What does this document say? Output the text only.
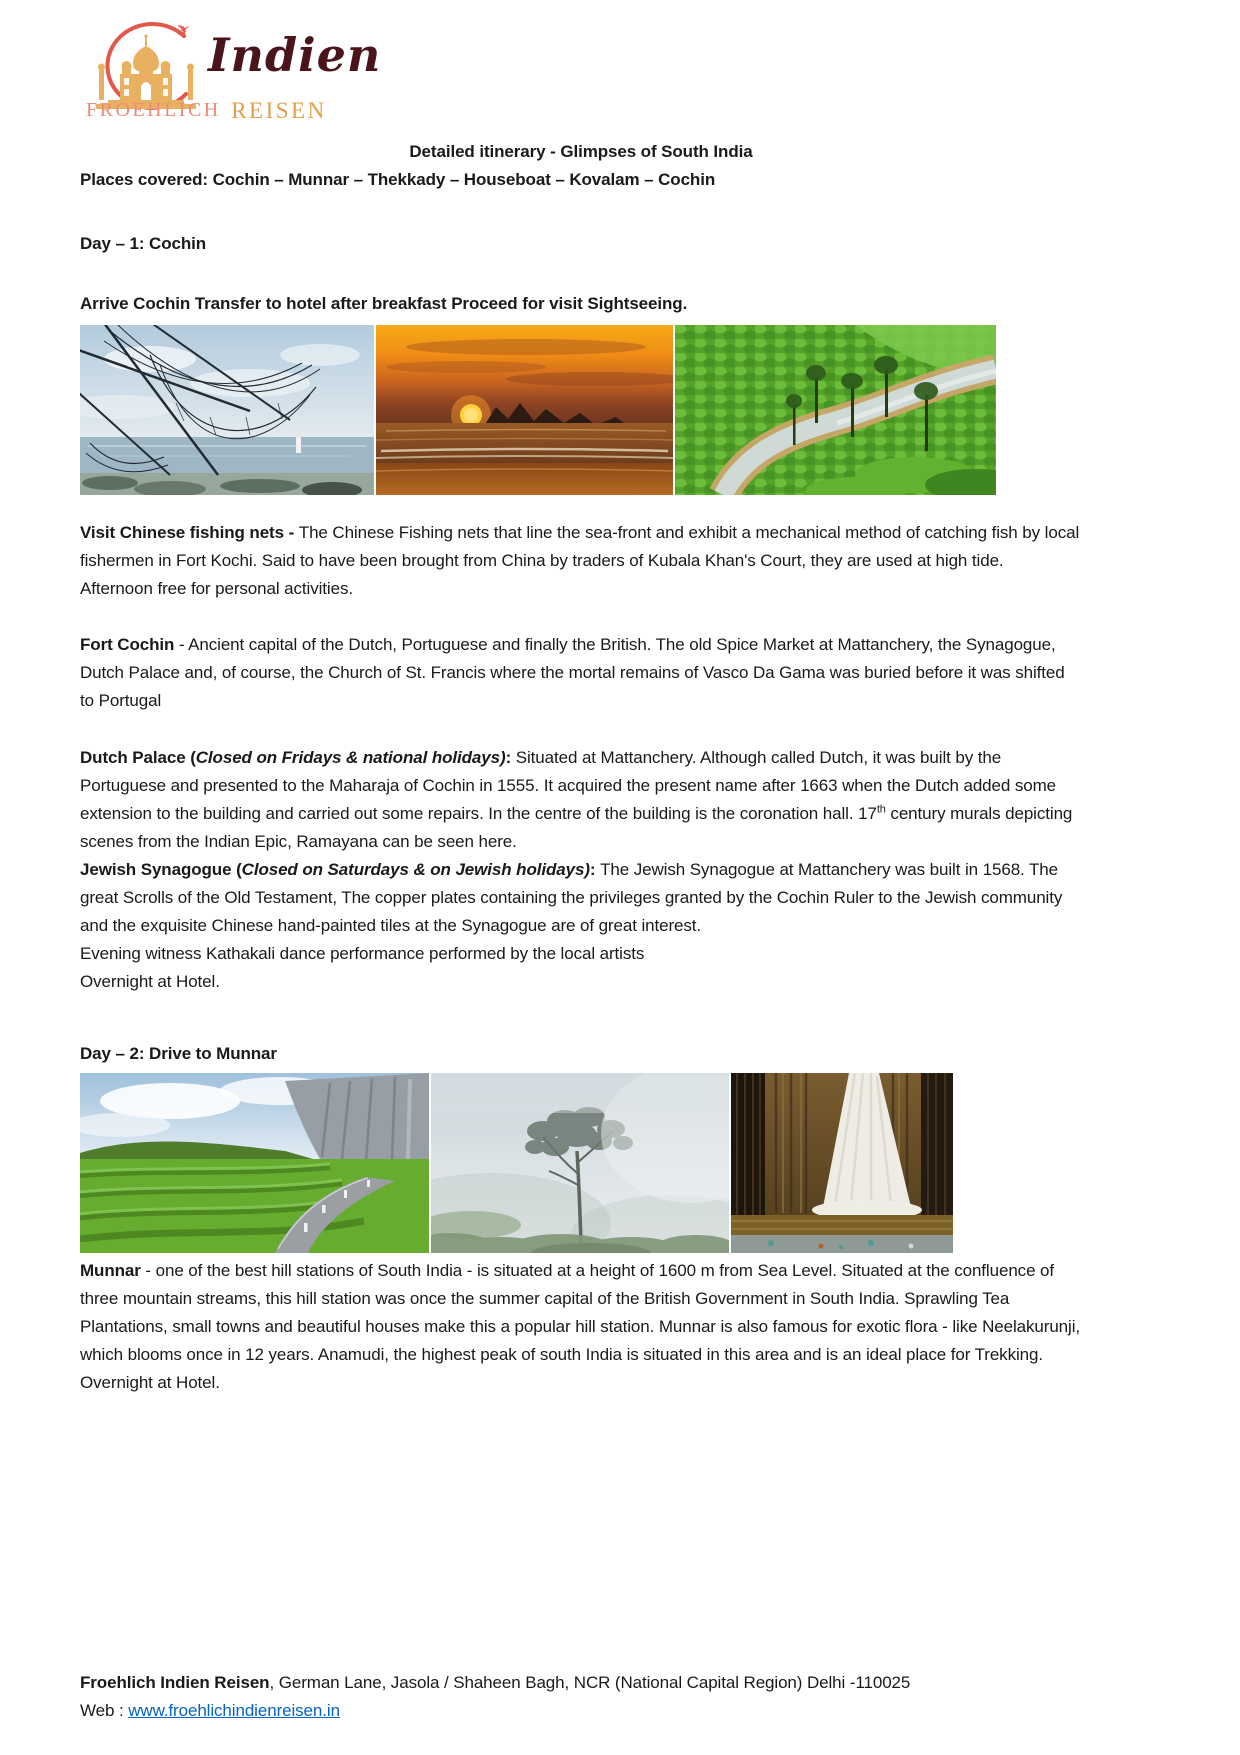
✈ Indien
FROEHLICH REISEN
Detailed itinerary - Glimpses of South India
Places covered: Cochin – Munnar – Thekkady – Houseboat – Kovalam – Cochin
Day – 1: Cochin
Arrive Cochin Transfer to hotel after breakfast Proceed for visit Sightseeing.
Visit Chinese fishing nets - The Chinese Fishing nets that line the sea-front and exhibit a mechanical method of catching fish by local fishermen in Fort Kochi. Said to have been brought from China by traders of Kubala Khan's Court, they are used at high tide.
Afternoon free for personal activities.
Fort Cochin - Ancient capital of the Dutch, Portuguese and finally the British. The old Spice Market at Mattanchery, the Synagogue, Dutch Palace and, of course, the Church of St. Francis where the mortal remains of Vasco Da Gama was buried before it was shifted to Portugal
Dutch Palace (Closed on Fridays & national holidays): Situated at Mattanchery. Although called Dutch, it was built by the Portuguese and presented to the Maharaja of Cochin in 1555. It acquired the present name after 1663 when the Dutch added some extension to the building and carried out some repairs. In the centre of the building is the coronation hall. 17th century murals depicting scenes from the Indian Epic, Ramayana can be seen here.
Jewish Synagogue (Closed on Saturdays & on Jewish holidays): The Jewish Synagogue at Mattanchery was built in 1568. The great Scrolls of the Old Testament, The copper plates containing the privileges granted by the Cochin Ruler to the Jewish community and the exquisite Chinese hand-painted tiles at the Synagogue are of great interest.
Evening witness Kathakali dance performance performed by the local artists
Overnight at Hotel.
Day – 2: Drive to Munnar
Munnar - one of the best hill stations of South India - is situated at a height of 1600 m from Sea Level. Situated at the confluence of three mountain streams, this hill station was once the summer capital of the British Government in South India. Sprawling Tea Plantations, small towns and beautiful houses make this a popular hill station. Munnar is also famous for exotic flora - like Neelakurunji, which blooms once in 12 years. Anamudi, the highest peak of south India is situated in this area and is an ideal place for Trekking.
Overnight at Hotel.
Froehlich Indien Reisen, German Lane, Jasola / Shaheen Bagh, NCR (National Capital Region) Delhi -110025
Web : www.froehlichindienreisen.in
